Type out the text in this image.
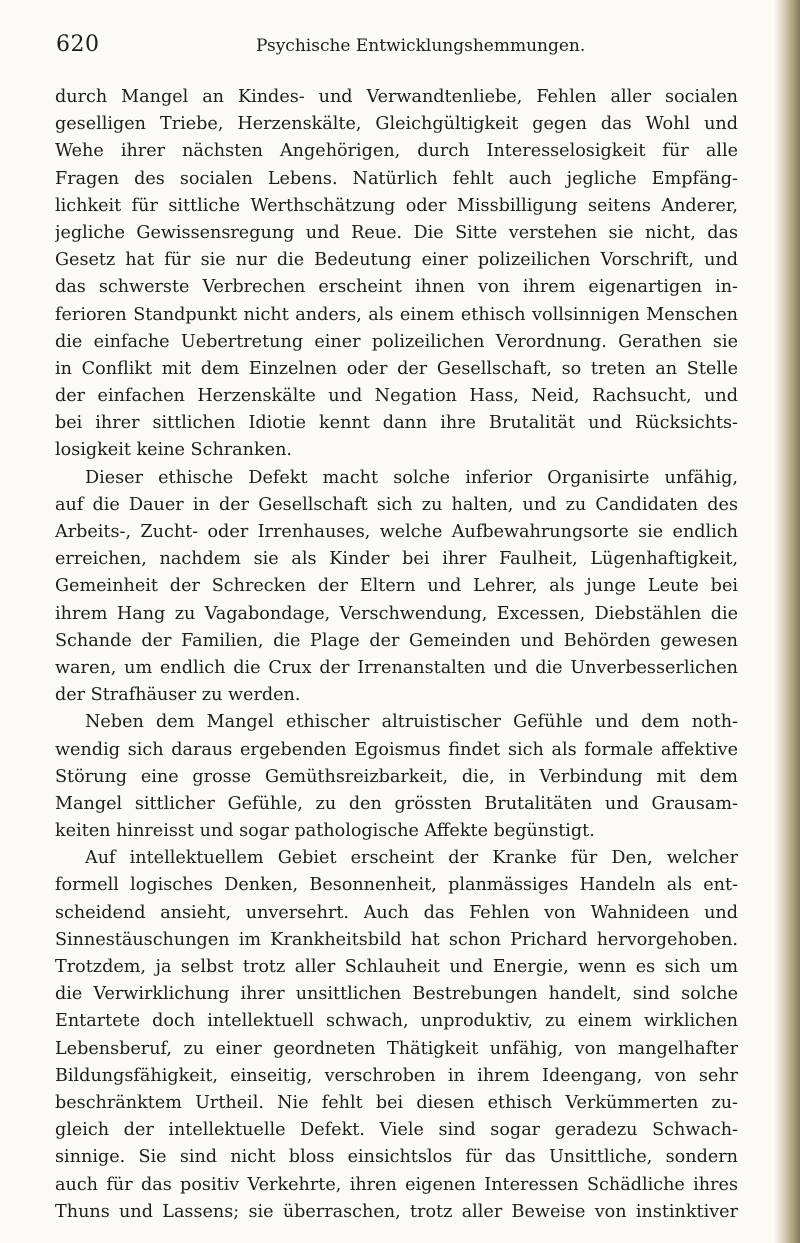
620	Psychische Entwicklungshemmungen.
durch Mangel an Kindes- und Verwandtenliebe, Fehlen aller socialen
geselligen Triebe, Herzenskälte, Gleichgültigkeit gegen das Wohl und
Wehe ihrer nächsten Angehörigen, durch Interesselosigkeit für alle
Fragen des socialen Lebens. Natürlich fehlt auch jegliche Empfäng-
lichkeit für sittliche Werthschätzung oder Missbilligung seitens Anderer,
jegliche Gewissensregung und Reue. Die Sitte verstehen sie nicht, das
Gesetz hat für sie nur die Bedeutung einer polizeilichen Vorschrift, und
das schwerste Verbrechen erscheint ihnen von ihrem eigenartigen in-
ferioren Standpunkt nicht anders, als einem ethisch vollsinnigen Menschen
die einfache Uebertretung einer polizeilichen Verordnung. Gerathen sie
in Conflikt mit dem Einzelnen oder der Gesellschaft, so treten an Stelle
der einfachen Herzenskälte und Negation Hass, Neid, Rachsucht, und
bei ihrer sittlichen Idiotie kennt dann ihre Brutalität und Rücksichts-
losigkeit keine Schranken.
Dieser ethische Defekt macht solche inferior Organisirte unfähig,
auf die Dauer in der Gesellschaft sich zu halten, und zu Candidaten des
Arbeits-, Zucht- oder Irrenhauses, welche Aufbewahrungsorte sie endlich
erreichen, nachdem sie als Kinder bei ihrer Faulheit, Lügenhaftigkeit,
Gemeinheit der Schrecken der Eltern und Lehrer, als junge Leute bei
ihrem Hang zu Vagabondage, Verschwendung, Excessen, Diebstählen die
Schande der Familien, die Plage der Gemeinden und Behörden gewesen
waren, um endlich die Crux der Irrenanstalten und die Unverbesserlichen
der Strafhäuser zu werden.
Neben dem Mangel ethischer altruistischer Gefühle und dem noth-
wendig sich daraus ergebenden Egoismus findet sich als formale affektive
Störung eine grosse Gemüthsreizbarkeit, die, in Verbindung mit dem
Mangel sittlicher Gefühle, zu den grössten Brutalitäten und Grausam-
keiten hinreisst und sogar pathologische Affekte begünstigt.
Auf intellektuellem Gebiet erscheint der Kranke für Den, welcher
formell logisches Denken, Besonnenheit, planmässiges Handeln als ent-
scheidend ansieht, unversehrt. Auch das Fehlen von Wahnideen und
Sinnestäuschungen im Krankheitsbild hat schon Prichard hervorgehoben.
Trotzdem, ja selbst trotz aller Schlauheit und Energie, wenn es sich um
die Verwirklichung ihrer unsittlichen Bestrebungen handelt, sind solche
Entartete doch intellektuell schwach, unproduktiv, zu einem wirklichen
Lebensberuf, zu einer geordneten Thätigkeit unfähig, von mangelhafter
Bildungsfähigkeit, einseitig, verschroben in ihrem Ideengang, von sehr
beschränktem Urtheil. Nie fehlt bei diesen ethisch Verkümmerten zu-
gleich der intellektuelle Defekt. Viele sind sogar geradezu Schwach-
sinnige. Sie sind nicht bloss einsichtslos für das Unsittliche, sondern
auch für das positiv Verkehrte, ihren eigenen Interessen Schädliche ihres
Thuns und Lassens; sie überraschen, trotz aller Beweise von instinktiver
